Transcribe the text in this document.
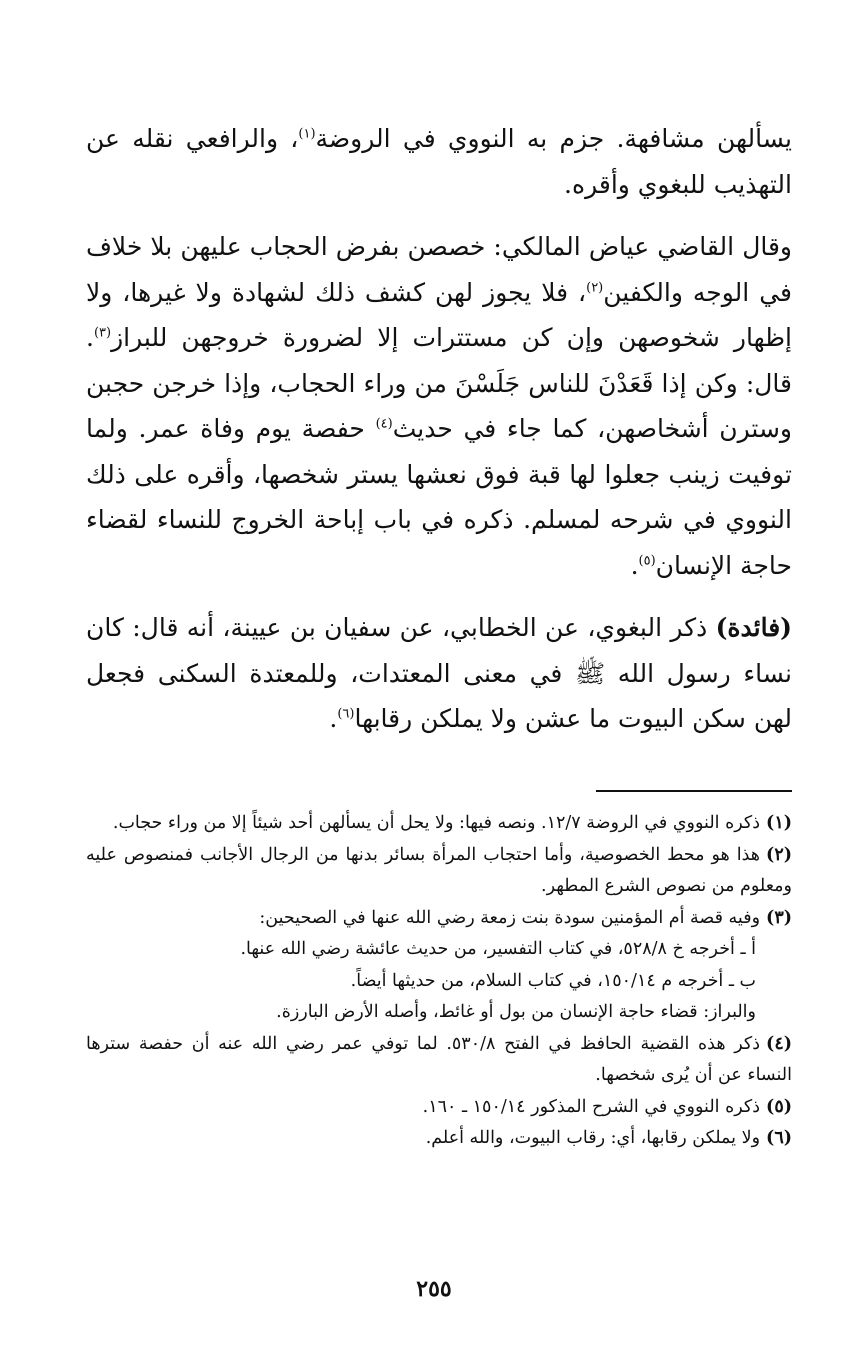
يسألهن مشافهة. جزم به النووي في الروضة$^{(١)}$، والرافعي نقله عن التهذيب للبغوي وأقره.

وقال القاضي عياض المالكي: خصصن بفرض الحجاب عليهن بلا خلاف في الوجه والكفين$^{(٢)}$، فلا يجوز لهن كشف ذلك لشهادة ولا غيرها، ولا إظهار شخوصهن وإن كن مستترات إلا لضرورة خروجهن للبراز$^{(٣)}$. قال: وكن إذا قَعَدْنَ للناس جَلَسْنَ من وراء الحجاب، وإذا خرجن حجبن وسترن أشخاصهن، كما جاء في حديث$^{(٤)}$ حفصة يوم وفاة عمر. ولما توفيت زينب جعلوا لها قبة فوق نعشها يستر شخصها، وأقره على ذلك النووي في شرحه لمسلم. ذكره في باب إباحة الخروج للنساء لقضاء حاجة الإنسان$^{(٥)}$.

(فائدة) ذكر البغوي، عن الخطابي، عن سفيان بن عيينة، أنه قال: كان نساء رسول الله ﷺ في معنى المعتدات، وللمعتدة السكنى فجعل لهن سكن البيوت ما عشن ولا يملكن رقابها$^{(٦)}$.

(١)ذكره النووي في الروضة ١٢/٧. ونصه فيها: ولا يحل أن يسألهن أحد شيئاً إلا من وراء حجاب.

(٢)هذا هو محط الخصوصية، وأما احتجاب المرأة بسائر بدنها من الرجال الأجانب فمنصوص عليه ومعلوم من نصوص الشرع المطهر.

(٣)وفيه قصة أم المؤمنين سودة بنت زمعة رضي الله عنها في الصحيحين:

أ ـ أخرجه خ ٥٢٨/٨، في كتاب التفسير، من حديث عائشة رضي الله عنها.

ب ـ أخرجه م ١٥٠/١٤، في كتاب السلام، من حديثها أيضاً.

والبراز: قضاء حاجة الإنسان من بول أو غائط، وأصله الأرض البارزة.

(٤)ذكر هذه القضية الحافظ في الفتح ٥٣٠/٨. لما توفي عمر رضي الله عنه أن حفصة سترها النساء عن أن يُرى شخصها.

(٥)ذكره النووي في الشرح المذكور ١٥٠/١٤ ـ ١٦٠.

(٦)ولا يملكن رقابها، أي: رقاب البيوت، والله أعلم.

٢٥٥
